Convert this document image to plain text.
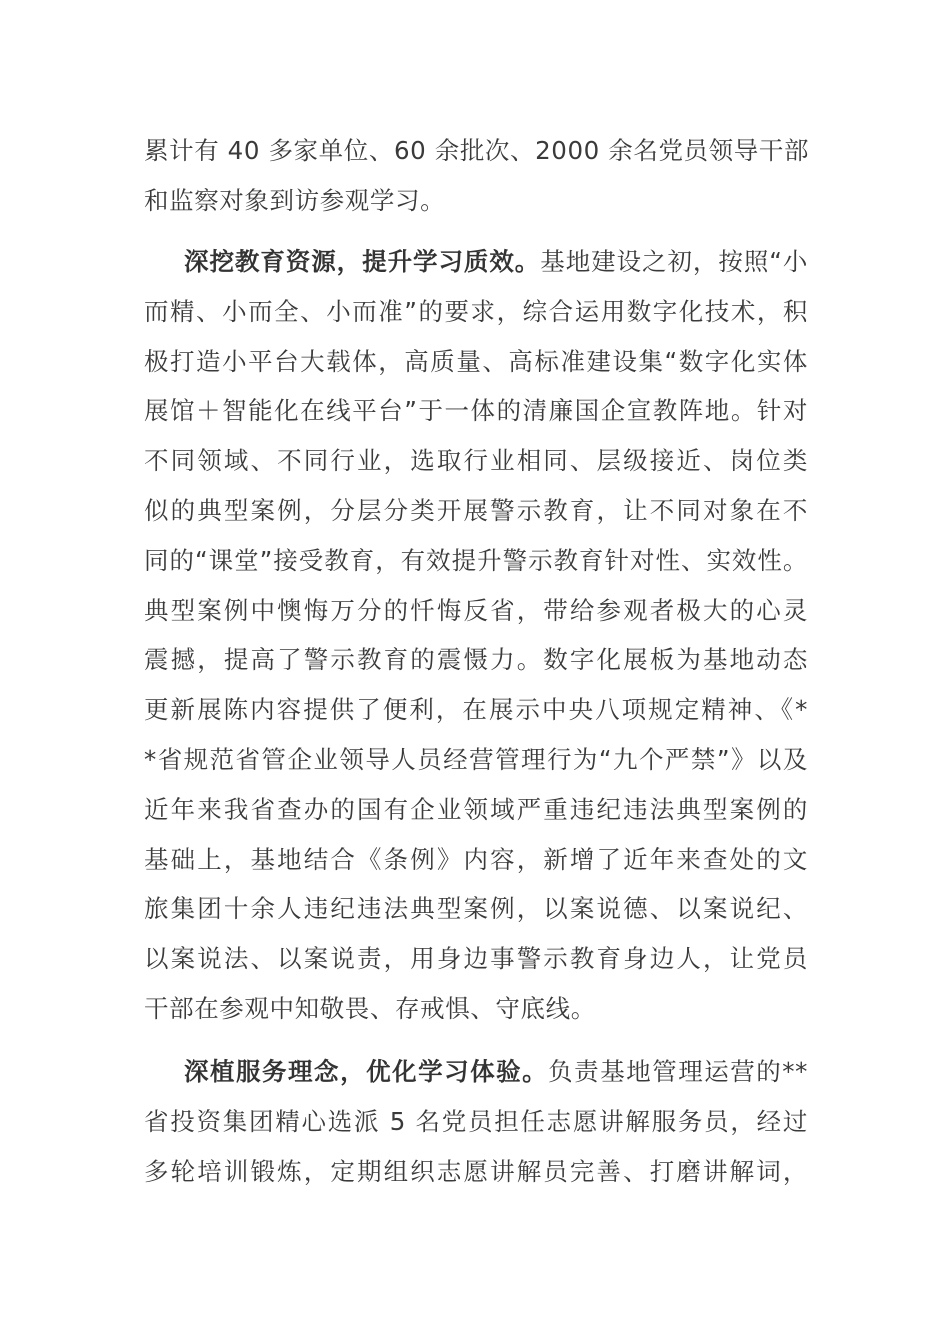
累计有 40 多家单位、60 余批次、2000 余名党员领导干部
和监察对象到访参观学习。
深挖教育资源，提升学习质效。基地建设之初，按照“小
而精、小而全、小而准”的要求，综合运用数字化技术，积
极打造小平台大载体，高质量、高标准建设集“数字化实体
展馆＋智能化在线平台”于一体的清廉国企宣教阵地。针对
不同领域、不同行业，选取行业相同、层级接近、岗位类
似的典型案例，分层分类开展警示教育，让不同对象在不
同的“课堂”接受教育，有效提升警示教育针对性、实效性。
典型案例中懊悔万分的忏悔反省，带给参观者极大的心灵
震撼，提高了警示教育的震慑力。数字化展板为基地动态
更新展陈内容提供了便利，在展示中央八项规定精神、《*
*省规范省管企业领导人员经营管理行为“九个严禁”》以及
近年来我省查办的国有企业领域严重违纪违法典型案例的
基础上，基地结合《条例》内容，新增了近年来查处的文
旅集团十余人违纪违法典型案例，以案说德、以案说纪、
以案说法、以案说责，用身边事警示教育身边人，让党员
干部在参观中知敬畏、存戒惧、守底线。
深植服务理念，优化学习体验。负责基地管理运营的**
省投资集团精心选派 5 名党员担任志愿讲解服务员，经过
多轮培训锻炼，定期组织志愿讲解员完善、打磨讲解词，
